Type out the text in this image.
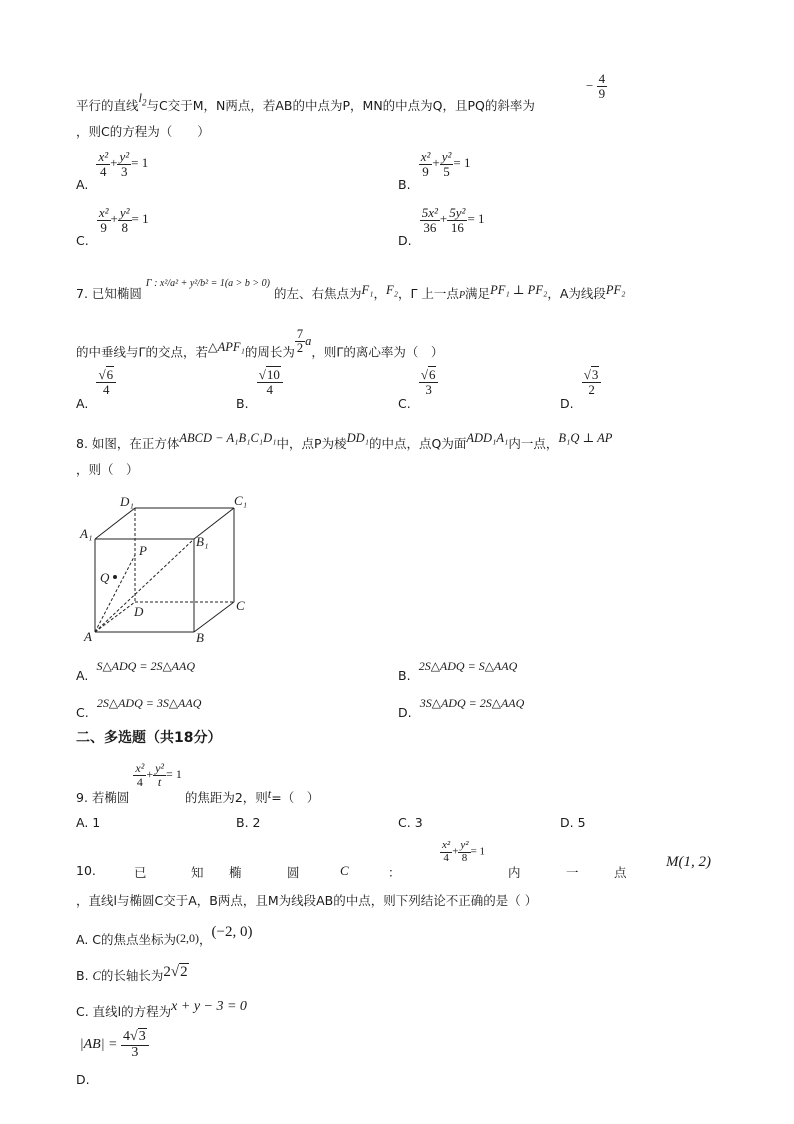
平行的直线$l_2$与C交于M，N两点，若AB的中点为P，MN的中点为Q，且PQ的斜率为
− $\frac{4}{9}$
，则C的方程为（　　）
A.
$\frac{\text{x²}}{4} + \frac{\text{y²}}{3} = 1$
B.
$\frac{\text{x²}}{9} + \frac{\text{y²}}{5} = 1$
C.
$\frac{\text{x²}}{9} + \frac{\text{y²}}{8} = 1$
D.
$\frac{\text{5x²}}{36} + \frac{\text{5y²}}{16} = 1$
7. 已知椭圆 $^{\Gamma : x^2/a^2 + y^2/b^2 = 1(a > b > 0)}$ 的左、右焦点为F₁，F₂，Γ 上一点P满足PF₁ ⊥ PF₂，A为线段PF₂
的中垂线与Γ的交点，若△APF₁的周长为 $\frac{7}{2}$ a，则Γ的离心率为（　）
A.
$\frac{√6}{4}$
B.
$\frac{√10}{4}$
C.
$\frac{√6}{3}$
D.
$\frac{√3}{2}$
8. 如图，在正方体ABCD − A₁B₁C₁D₁中，点P为棱DD₁的中点，点Q为面ADD₁A₁内一点，B₁Q ⊥ AP
，则（　）
D₁	C₁
A₁
B₁
P
Q
D	C
A	B
A. S△ADQ = 2S△AAQ
B. 2S△ADQ = S△AAQ
C. 2S△ADQ = 3S△AAQ
D. 3S△ADQ = 2S△AAQ
二、多选题（共18分）
9. 若椭圆
$\frac{\text{x²}}{4} + \frac{\text{y²}}{t} = 1$ 的焦距为2，则t=（　）
A. 1	B. 2	C. 3	D. 5
10.	已	知 椭	圆	C	：
$\frac{\text{x²}}{4} + \frac{\text{y²}}{8} = 1$
内	一	点
M(1, 2)
，直线l与椭圆C交于A，B两点，且M为线段AB的中点，则下列结论不正确的是（ ）
A. C的焦点坐标为(2,0)，(−2, 0)
B. C的长轴长为2√2
C. 直线l的方程为x + y − 3 = 0
D. $|AB| = \frac{4√3}{3}$
